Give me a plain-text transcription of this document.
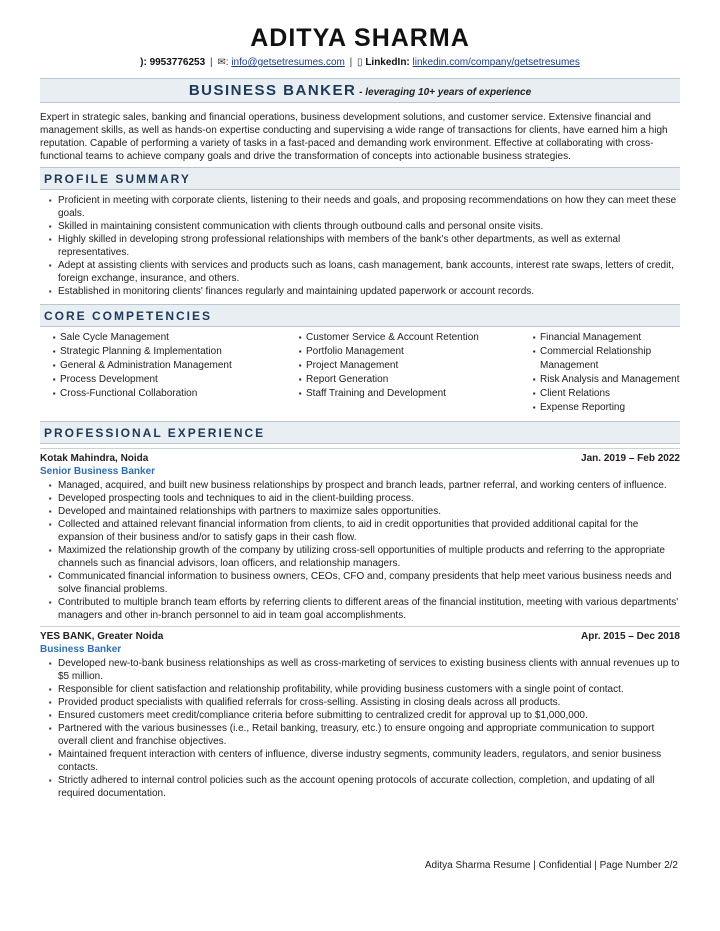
ADITYA SHARMA
): 9953776253 | ✉: info@getsetresumes.com | ▯ LinkedIn: linkedin.com/company/getsetresumes
BUSINESS BANKER - leveraging 10+ years of experience
Expert in strategic sales, banking and financial operations, business development solutions, and customer service. Extensive financial and management skills, as well as hands-on expertise conducting and supervising a wide range of transactions for clients, have earned him a high reputation. Capable of performing a variety of tasks in a fast-paced and demanding work environment. Effective at collaborating with cross-functional teams to achieve company goals and drive the transformation of concepts into actionable business strategies.
PROFILE SUMMARY
• Proficient in meeting with corporate clients, listening to their needs and goals, and proposing recommendations on how they can meet these goals.
• Skilled in maintaining consistent communication with clients through outbound calls and personal onsite visits.
• Highly skilled in developing strong professional relationships with members of the bank's other departments, as well as external representatives.
• Adept at assisting clients with services and products such as loans, cash management, bank accounts, interest rate swaps, letters of credit, foreign exchange, insurance, and others.
• Established in monitoring clients' finances regularly and maintaining updated paperwork or account records.
CORE COMPETENCIES
• Sale Cycle Management
• Strategic Planning & Implementation
• General & Administration Management
• Process Development
• Cross-Functional Collaboration
• Customer Service & Account Retention
• Portfolio Management
• Project Management
• Report Generation
• Staff Training and Development
• Financial Management
• Commercial Relationship Management
• Risk Analysis and Management
• Client Relations
• Expense Reporting
PROFESSIONAL EXPERIENCE
Kotak Mahindra, Noida	Jan. 2019 – Feb 2022
Senior Business Banker
• Managed, acquired, and built new business relationships by prospect and branch leads, partner referral, and working centers of influence.
• Developed prospecting tools and techniques to aid in the client-building process.
• Developed and maintained relationships with partners to maximize sales opportunities.
• Collected and attained relevant financial information from clients, to aid in credit opportunities that provided additional capital for the expansion of their business and/or to satisfy gaps in their cash flow.
• Maximized the relationship growth of the company by utilizing cross-sell opportunities of multiple products and referring to the appropriate channels such as financial advisors, loan officers, and relationship managers.
• Communicated financial information to business owners, CEOs, CFO and, company presidents that help meet various business needs and solve financial problems.
• Contributed to multiple branch team efforts by referring clients to different areas of the financial institution, meeting with various departments' managers and other in-branch personnel to aid in team goal accomplishments.
YES BANK, Greater Noida	Apr. 2015 – Dec 2018
Business Banker
• Developed new-to-bank business relationships as well as cross-marketing of services to existing business clients with annual revenues up to $5 million.
• Responsible for client satisfaction and relationship profitability, while providing business customers with a single point of contact.
• Provided product specialists with qualified referrals for cross-selling. Assisting in closing deals across all products.
• Ensured customers meet credit/compliance criteria before submitting to centralized credit for approval up to $1,000,000.
• Partnered with the various businesses (i.e., Retail banking, treasury, etc.) to ensure ongoing and appropriate communication to support overall client and franchise objectives.
• Maintained frequent interaction with centers of influence, diverse industry segments, community leaders, regulators, and senior business contacts.
• Strictly adhered to internal control policies such as the account opening protocols of accurate collection, completion, and updating of all required documentation.
Aditya Sharma Resume | Confidential | Page Number 2/2
